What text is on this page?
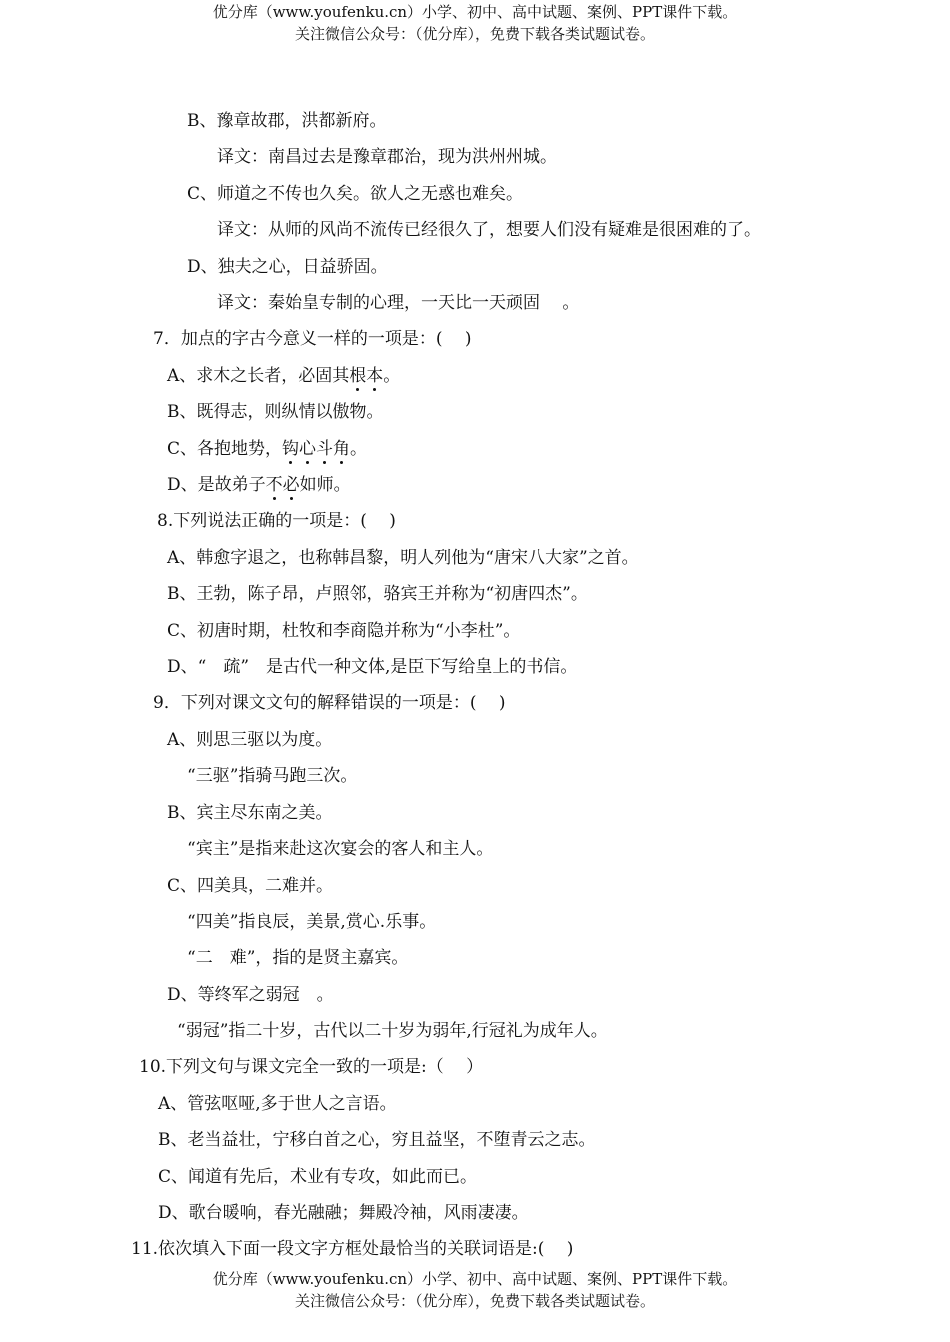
优分库（www.youfenku.cn）小学、初中、高中试题、案例、PPT课件下载。
关注微信公众号：（优分库），免费下载各类试题试卷。
B、豫章故郡，洪都新府。
译文：南昌过去是豫章郡治，现为洪州州城。
C、师道之不传也久矣。欲人之无惑也难矣。
译文：从师的风尚不流传已经很久了，想要人们没有疑难是很困难的了。
D、独夫之心，日益骄固。
译文：秦始皇专制的心理，一天比一天顽固 　。
7．加点的字古今意义一样的一项是：(　 )
A、求木之长者，必固其根本。
B、既得志，则纵情以傲物。
C、各抱地势，钩心斗角。
D、是故弟子不必如师。
8.下列说法正确的一项是：(　 )
A、韩愈字退之，也称韩昌黎，明人列他为“唐宋八大家”之首。
B、王勃，陈子昂，卢照邻，骆宾王并称为“初唐四杰”。
C、初唐时期，杜牧和李商隐并称为“小李杜”。
D、“　疏”　是古代一种文体,是臣下写给皇上的书信。
9．下列对课文文句的解释错误的一项是：(　 )
A、则思三驱以为度。
“三驱”指骑马跑三次。
B、宾主尽东南之美。
“宾主”是指来赴这次宴会的客人和主人。
C、四美具，二难并。
“四美”指良辰，美景,赏心.乐事。
“二　难”，指的是贤主嘉宾。
D、等终军之弱冠　。
“弱冠”指二十岁，古代以二十岁为弱年,行冠礼为成年人。
10.下列文句与课文完全一致的一项是:（　 ）
A、管弦呕哑,多于世人之言语。
B、老当益壮，宁移白首之心，穷且益坚，不堕青云之志。
C、闻道有先后，术业有专攻，如此而已。
D、歌台暖响，春光融融；舞殿冷袖，风雨凄凄。
11.依次填入下面一段文字方框处最恰当的关联词语是:(　 )
优分库（www.youfenku.cn）小学、初中、高中试题、案例、PPT课件下载。
关注微信公众号：（优分库），免费下载各类试题试卷。
